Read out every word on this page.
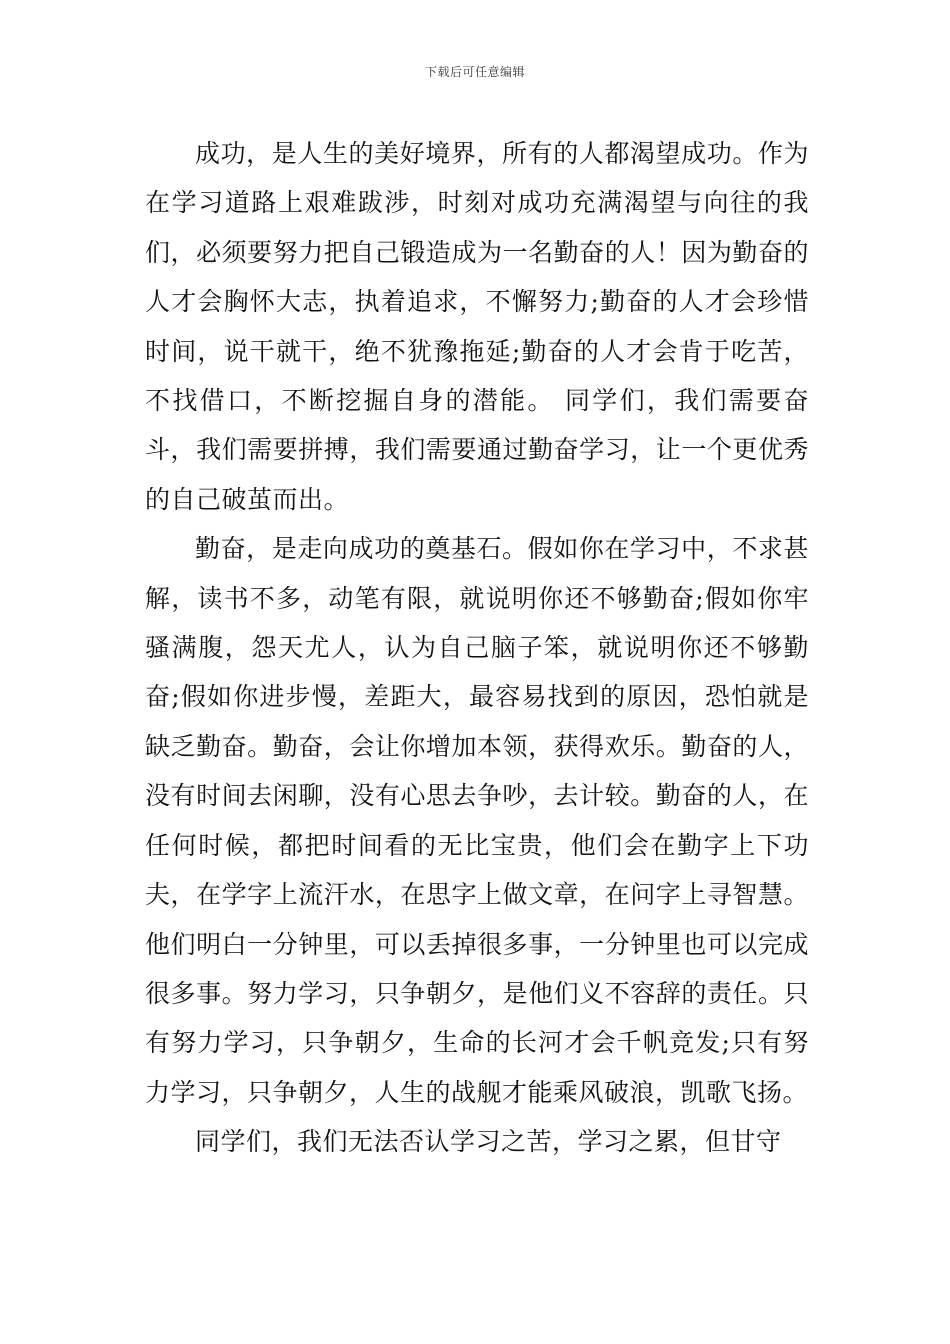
下载后可任意编辑

成功，是人生的美好境界，所有的人都渴望成功。作为在学习道路上艰难跋涉，时刻对成功充满渴望与向往的我们，必须要努力把自己锻造成为一名勤奋的人！因为勤奋的人才会胸怀大志，执着追求，不懈努力;勤奋的人才会珍惜时间，说干就干，绝不犹豫拖延;勤奋的人才会肯于吃苦，不找借口，不断挖掘自身的潜能。 同学们，我们需要奋斗，我们需要拼搏，我们需要通过勤奋学习，让一个更优秀的自己破茧而出。

勤奋，是走向成功的奠基石。假如你在学习中，不求甚解，读书不多，动笔有限，就说明你还不够勤奋;假如你牢骚满腹，怨天尤人，认为自己脑子笨，就说明你还不够勤奋;假如你进步慢，差距大，最容易找到的原因，恐怕就是缺乏勤奋。勤奋，会让你增加本领，获得欢乐。勤奋的人，没有时间去闲聊，没有心思去争吵，去计较。勤奋的人，在任何时候，都把时间看的无比宝贵，他们会在勤字上下功夫，在学字上流汗水，在思字上做文章，在问字上寻智慧。他们明白一分钟里，可以丢掉很多事，一分钟里也可以完成很多事。努力学习，只争朝夕，是他们义不容辞的责任。只有努力学习，只争朝夕，生命的长河才会千帆竞发;只有努力学习，只争朝夕，人生的战舰才能乘风破浪，凯歌飞扬。

同学们，我们无法否认学习之苦，学习之累，但甘守
